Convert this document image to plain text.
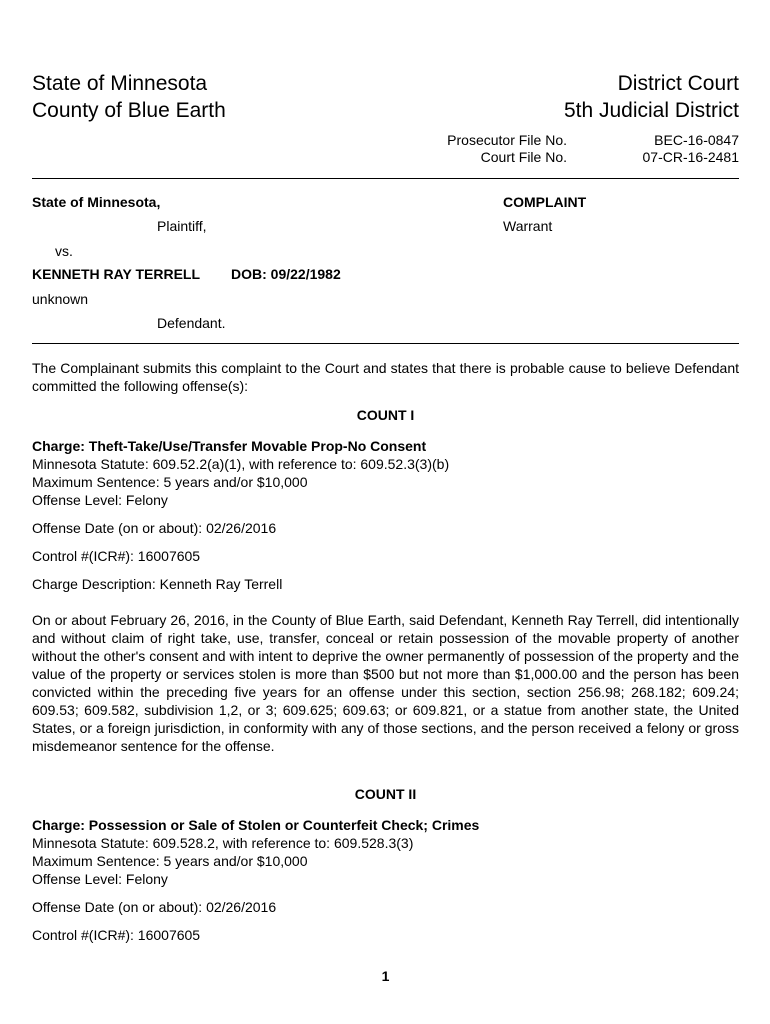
State of Minnesota
County of Blue Earth
District Court
5th Judicial District
Prosecutor File No.	BEC-16-0847
Court File No.	07-CR-16-2481
State of Minnesota,
Plaintiff,
vs.
KENNETH RAY TERRELL DOB: 09/22/1982
unknown
Defendant.
COMPLAINT
Warrant
The Complainant submits this complaint to the Court and states that there is probable cause to believe Defendant committed the following offense(s):
COUNT I
Charge: Theft-Take/Use/Transfer Movable Prop-No Consent
Minnesota Statute: 609.52.2(a)(1), with reference to: 609.52.3(3)(b)
Maximum Sentence: 5 years and/or $10,000
Offense Level: Felony
Offense Date (on or about): 02/26/2016
Control #(ICR#): 16007605
Charge Description: Kenneth Ray Terrell
On or about February 26, 2016, in the County of Blue Earth, said Defendant, Kenneth Ray Terrell, did intentionally and without claim of right take, use, transfer, conceal or retain possession of the movable property of another without the other's consent and with intent to deprive the owner permanently of possession of the property and the value of the property or services stolen is more than $500 but not more than $1,000.00 and the person has been convicted within the preceding five years for an offense under this section, section 256.98; 268.182; 609.24; 609.53; 609.582, subdivision 1,2, or 3; 609.625; 609.63; or 609.821, or a statue from another state, the United States, or a foreign jurisdiction, in conformity with any of those sections, and the person received a felony or gross misdemeanor sentence for the offense.
COUNT II
Charge: Possession or Sale of Stolen or Counterfeit Check; Crimes
Minnesota Statute: 609.528.2, with reference to: 609.528.3(3)
Maximum Sentence: 5 years and/or $10,000
Offense Level: Felony
Offense Date (on or about): 02/26/2016
Control #(ICR#): 16007605
1
